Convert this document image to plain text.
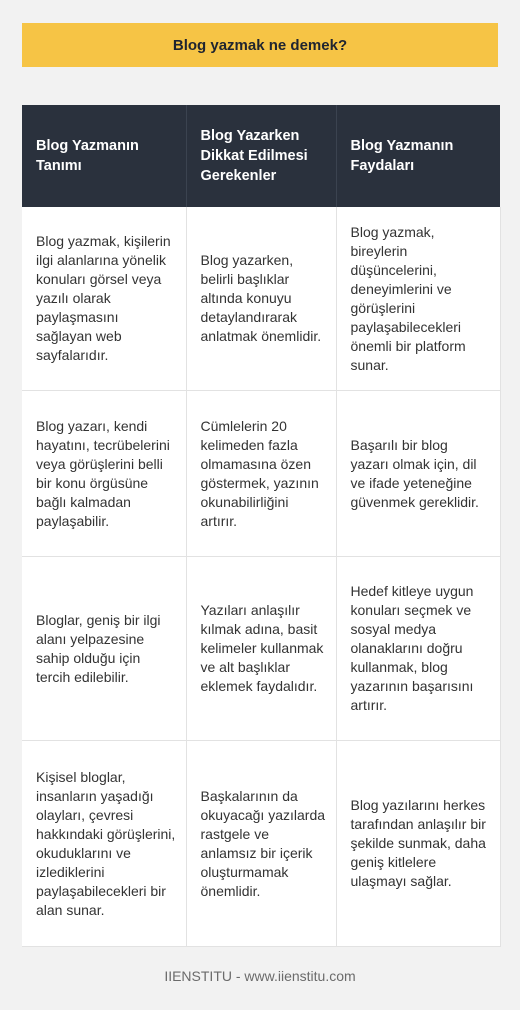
Blog yazmak ne demek?
Blog Yazmanın Tanımı	Blog Yazarken Dikkat Edilmesi Gerekenler	Blog Yazmanın Faydaları
Blog yazmak, kişilerin ilgi alanlarına yönelik konuları görsel veya yazılı olarak paylaşmasını sağlayan web sayfalarıdır.	Blog yazarken, belirli başlıklar altında konuyu detaylandırarak anlatmak önemlidir.	Blog yazmak, bireylerin düşüncelerini, deneyimlerini ve görüşlerini paylaşabilecekleri önemli bir platform sunar.
Blog yazarı, kendi hayatını, tecrübelerini veya görüşlerini belli bir konu örgüsüne bağlı kalmadan paylaşabilir.	Cümlelerin 20 kelimeden fazla olmamasına özen göstermek, yazının okunabilirliğini artırır.	Başarılı bir blog yazarı olmak için, dil ve ifade yeteneğine güvenmek gereklidir.
Bloglar, geniş bir ilgi alanı yelpazesine sahip olduğu için tercih edilebilir.	Yazıları anlaşılır kılmak adına, basit kelimeler kullanmak ve alt başlıklar eklemek faydalıdır.	Hedef kitleye uygun konuları seçmek ve sosyal medya olanaklarını doğru kullanmak, blog yazarının başarısını artırır.
Kişisel bloglar, insanların yaşadığı olayları, çevresi hakkındaki görüşlerini, okuduklarını ve izlediklerini paylaşabilecekleri bir alan sunar.	Başkalarının da okuyacağı yazılarda rastgele ve anlamsız bir içerik oluşturmamak önemlidir.	Blog yazılarını herkes tarafından anlaşılır bir şekilde sunmak, daha geniş kitlelere ulaşmayı sağlar.
IIENSTITU - www.iienstitu.com
